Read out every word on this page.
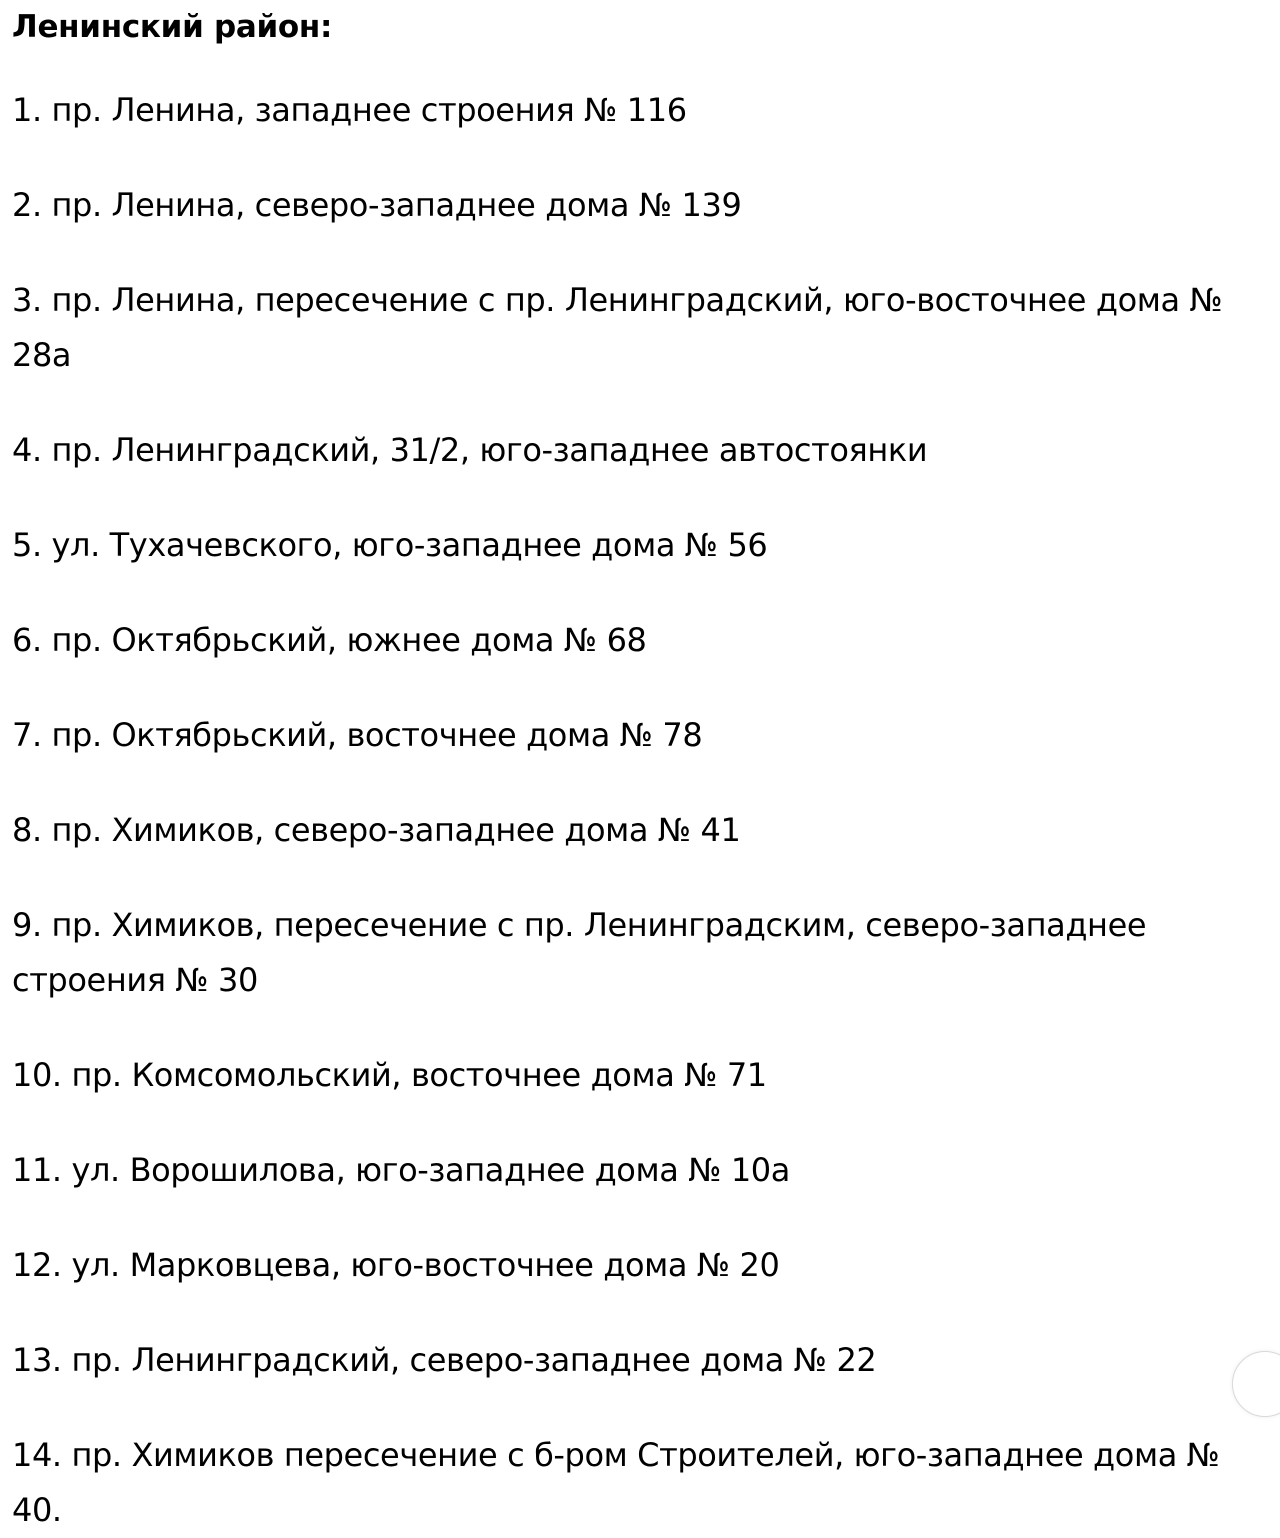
Ленинский район:
1. пр. Ленина, западнее строения № 116
2. пр. Ленина, северо-западнее дома № 139
3. пр. Ленина, пересечение с пр. Ленинградский, юго-восточнее дома № 28а
4. пр. Ленинградский, 31/2, юго-западнее автостоянки
5. ул. Тухачевского, юго-западнее дома № 56
6. пр. Октябрьский, южнее дома № 68
7. пр. Октябрьский, восточнее дома № 78
8. пр. Химиков, северо-западнее дома № 41
9. пр. Химиков, пересечение с пр. Ленинградским, северо-западнее строения № 30
10. пр. Комсомольский, восточнее дома № 71
11. ул. Ворошилова, юго-западнее дома № 10а
12. ул. Марковцева, юго-восточнее дома № 20
13. пр. Ленинградский, северо-западнее дома № 22
14. пр. Химиков пересечение с б-ром Строителей, юго-западнее дома № 40.
